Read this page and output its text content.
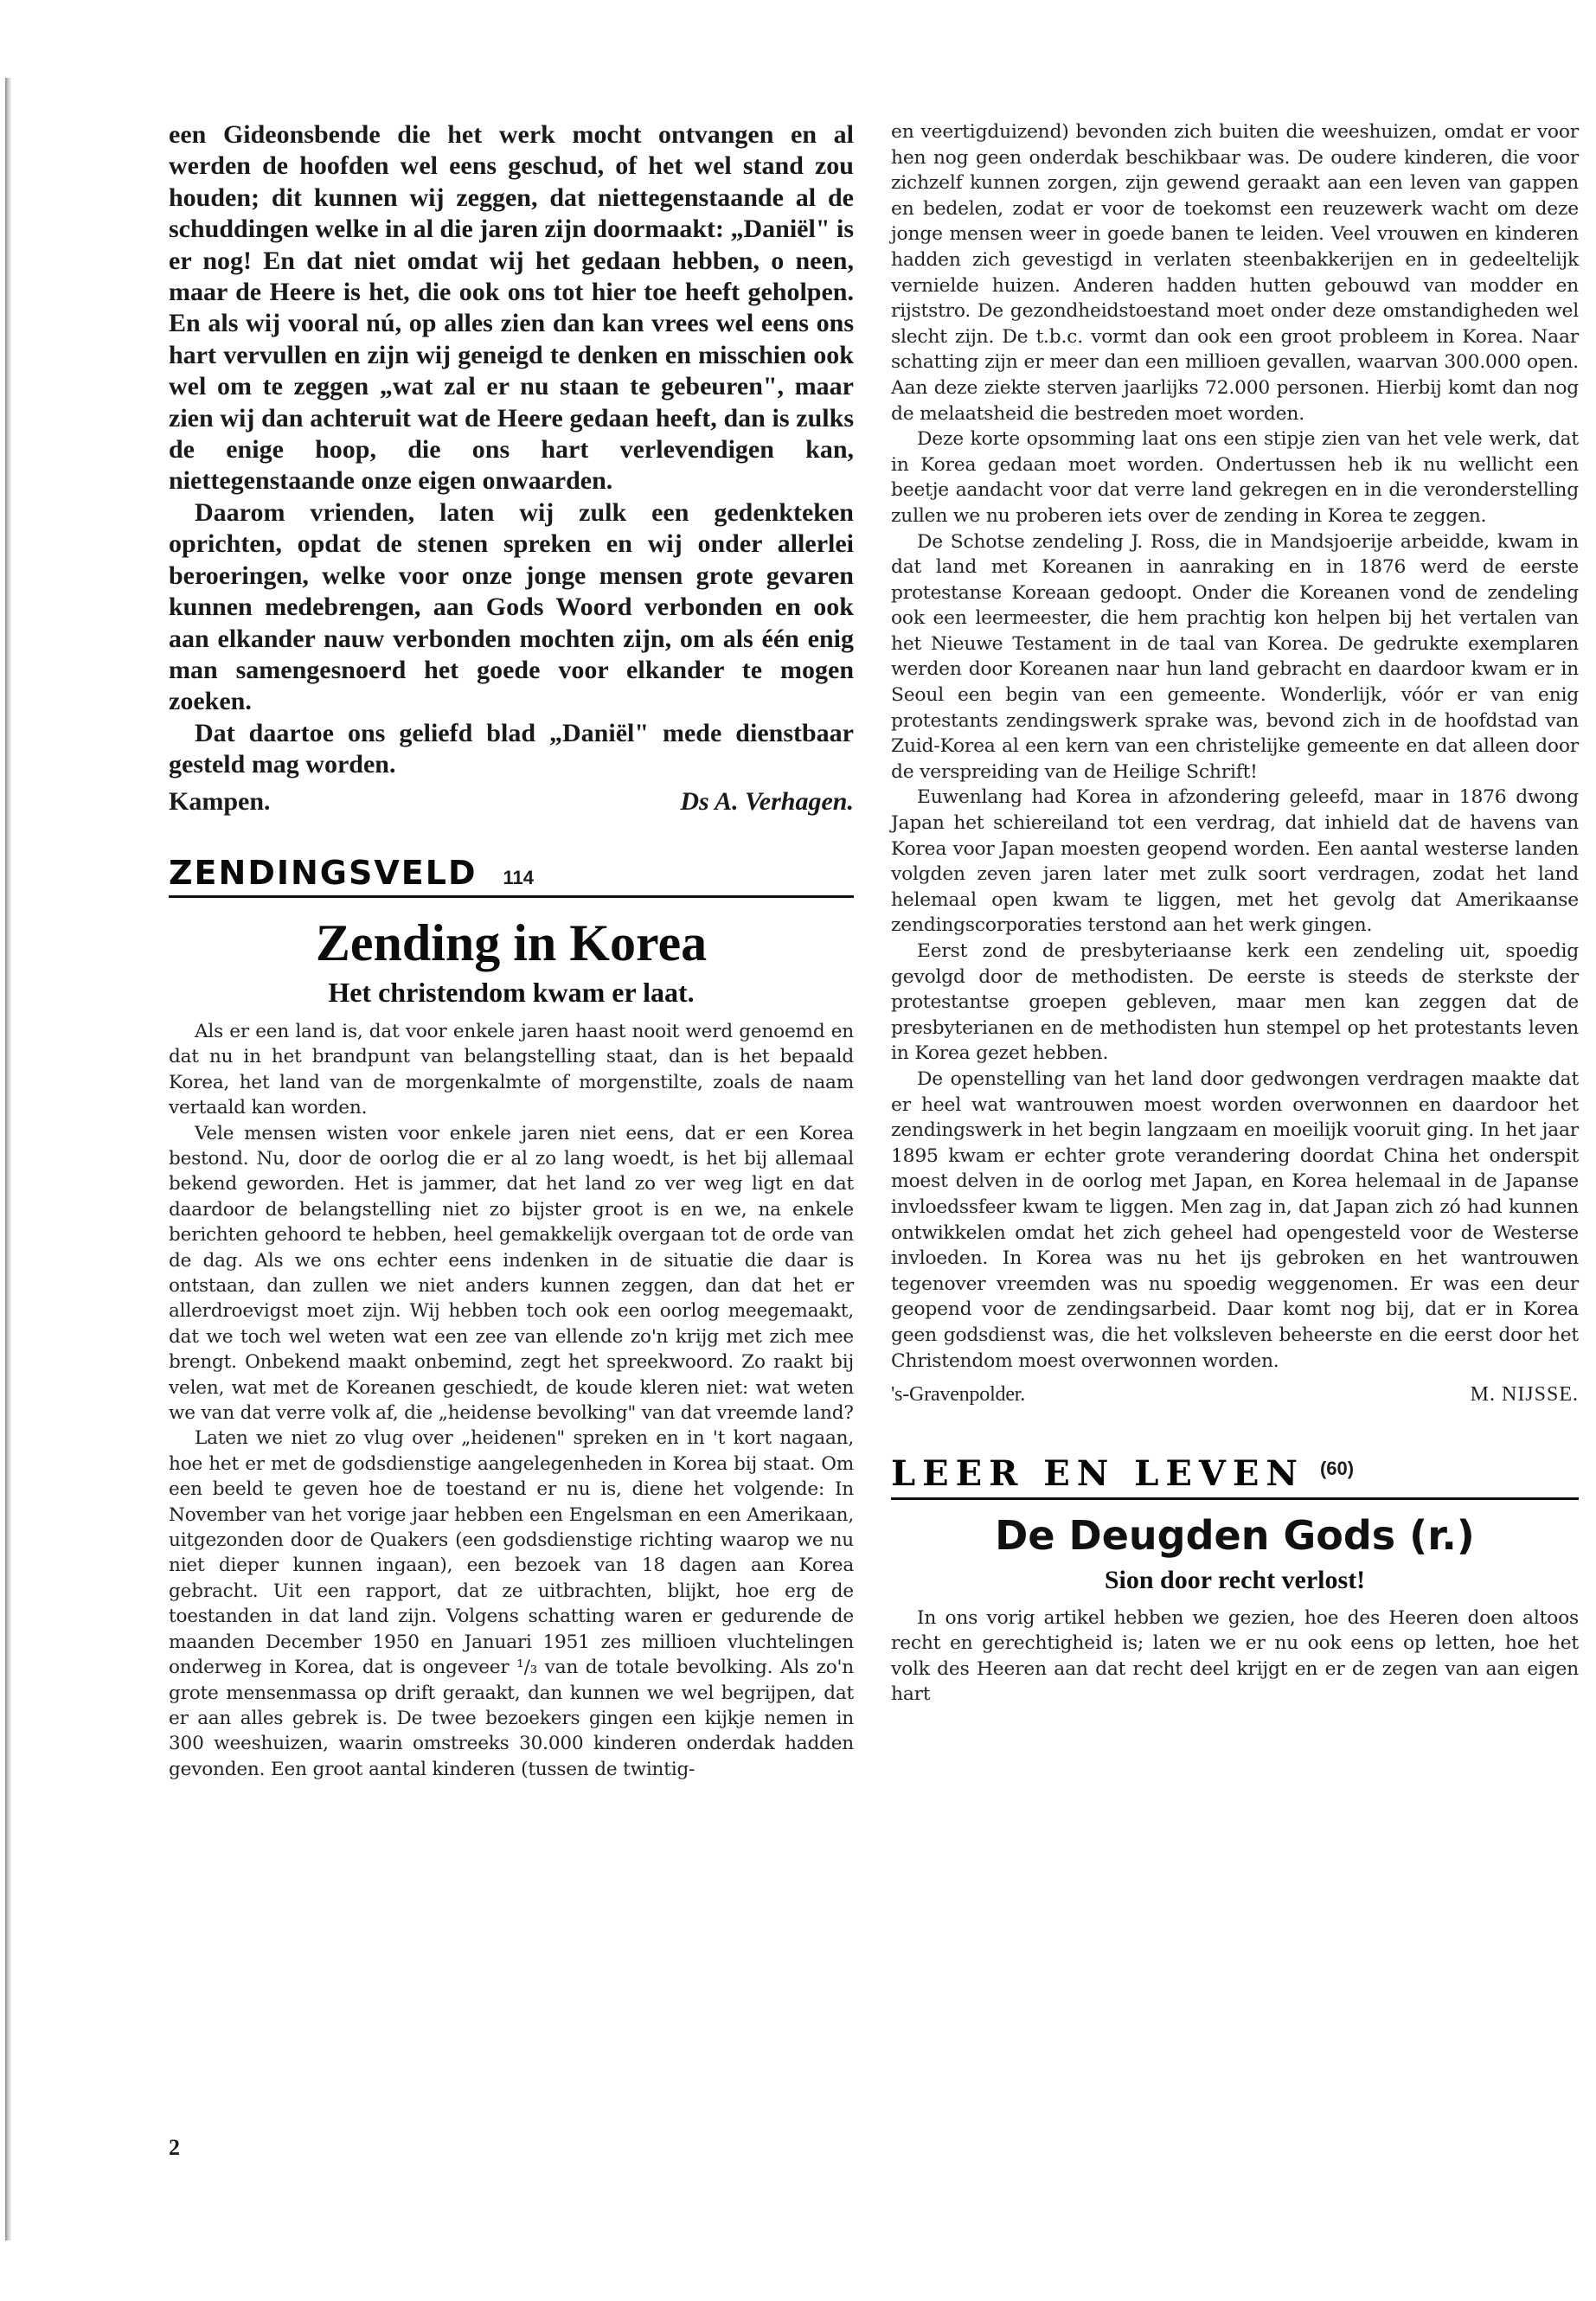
een Gideonsbende die het werk mocht ontvangen en al werden de hoofden wel eens geschud, of het wel stand zou houden; dit kunnen wij zeggen, dat niettegenstaande al de schuddingen welke in al die jaren zijn doormaakt: „Daniël" is er nog! En dat niet omdat wij het gedaan hebben, o neen, maar de Heere is het, die ook ons tot hier toe heeft geholpen. En als wij vooral nú, op alles zien dan kan vrees wel eens ons hart vervullen en zijn wij geneigd te denken en misschien ook wel om te zeggen „wat zal er nu staan te gebeuren", maar zien wij dan achteruit wat de Heere gedaan heeft, dan is zulks de enige hoop, die ons hart verlevendigen kan, niettegenstaande onze eigen onwaarden.

Daarom vrienden, laten wij zulk een gedenkteken oprichten, opdat de stenen spreken en wij onder allerlei beroeringen, welke voor onze jonge mensen grote gevaren kunnen medebrengen, aan Gods Woord verbonden en ook aan elkander nauw verbonden mochten zijn, om als één enig man samengesnoerd het goede voor elkander te mogen zoeken.

Dat daartoe ons geliefd blad „Daniël" mede dienstbaar gesteld mag worden.

Kampen.	Ds A. Verhagen.
ZENDINGSVELD 114
Zending in Korea
Het christendom kwam er laat.

Als er een land is, dat voor enkele jaren haast nooit werd genoemd en dat nu in het brandpunt van belangstelling staat, dan is het bepaald Korea, het land van de morgenkalmte of morgenstilte, zoals de naam vertaald kan worden.

Vele mensen wisten voor enkele jaren niet eens, dat er een Korea bestond. Nu, door de oorlog die er al zo lang woedt, is het bij allemaal bekend geworden. Het is jammer, dat het land zo ver weg ligt en dat daardoor de belangstelling niet zo bijster groot is en we, na enkele berichten gehoord te hebben, heel gemakkelijk overgaan tot de orde van de dag. Als we ons echter eens indenken in de situatie die daar is ontstaan, dan zullen we niet anders kunnen zeggen, dan dat het er allerdroevigst moet zijn. Wij hebben toch ook een oorlog meegemaakt, dat we toch wel weten wat een zee van ellende zo'n krijg met zich mee brengt. Onbekend maakt onbemind, zegt het spreekwoord. Zo raakt bij velen, wat met de Koreanen geschiedt, de koude kleren niet: wat weten we van dat verre volk af, die „heidense bevolking" van dat vreemde land?

Laten we niet zo vlug over „heidenen" spreken en in 't kort nagaan, hoe het er met de godsdienstige aangelegenheden in Korea bij staat. Om een beeld te geven hoe de toestand er nu is, diene het volgende: In November van het vorige jaar hebben een Engelsman en een Amerikaan, uitgezonden door de Quakers (een godsdienstige richting waarop we nu niet dieper kunnen ingaan), een bezoek van 18 dagen aan Korea gebracht. Uit een rapport, dat ze uitbrachten, blijkt, hoe erg de toestanden in dat land zijn. Volgens schatting waren er gedurende de maanden December 1950 en Januari 1951 zes millioen vluchtelingen onderweg in Korea, dat is ongeveer ¹/₃ van de totale bevolking. Als zo'n grote mensenmassa op drift geraakt, dan kunnen we wel begrijpen, dat er aan alles gebrek is. De twee bezoekers gingen een kijkje nemen in 300 weeshuizen, waarin omstreeks 30.000 kinderen onderdak hadden gevonden. Een groot aantal kinderen (tussen de twintig-

en veertigduizend) bevonden zich buiten die weeshuizen, omdat er voor hen nog geen onderdak beschikbaar was. De oudere kinderen, die voor zichzelf kunnen zorgen, zijn gewend geraakt aan een leven van gappen en bedelen, zodat er voor de toekomst een reuzewerk wacht om deze jonge mensen weer in goede banen te leiden. Veel vrouwen en kinderen hadden zich gevestigd in verlaten steenbakkerijen en in gedeeltelijk vernielde huizen. Anderen hadden hutten gebouwd van modder en rijststro. De gezondheidstoestand moet onder deze omstandigheden wel slecht zijn. De t.b.c. vormt dan ook een groot probleem in Korea. Naar schatting zijn er meer dan een millioen gevallen, waarvan 300.000 open. Aan deze ziekte sterven jaarlijks 72.000 personen. Hierbij komt dan nog de melaatsheid die bestreden moet worden.

Deze korte opsomming laat ons een stipje zien van het vele werk, dat in Korea gedaan moet worden. Ondertussen heb ik nu wellicht een beetje aandacht voor dat verre land gekregen en in die veronderstelling zullen we nu proberen iets over de zending in Korea te zeggen.

De Schotse zendeling J. Ross, die in Mandsjoerije arbeidde, kwam in dat land met Koreanen in aanraking en in 1876 werd de eerste protestanse Koreaan gedoopt. Onder die Koreanen vond de zendeling ook een leermeester, die hem prachtig kon helpen bij het vertalen van het Nieuwe Testament in de taal van Korea. De gedrukte exemplaren werden door Koreanen naar hun land gebracht en daardoor kwam er in Seoul een begin van een gemeente. Wonderlijk, vóór er van enig protestants zendingswerk sprake was, bevond zich in de hoofdstad van Zuid-Korea al een kern van een christelijke gemeente en dat alleen door de verspreiding van de Heilige Schrift!

Euwenlang had Korea in afzondering geleefd, maar in 1876 dwong Japan het schiereiland tot een verdrag, dat inhield dat de havens van Korea voor Japan moesten geopend worden. Een aantal westerse landen volgden zeven jaren later met zulk soort verdragen, zodat het land helemaal open kwam te liggen, met het gevolg dat Amerikaanse zendingscorporaties terstond aan het werk gingen.

Eerst zond de presbyteriaanse kerk een zendeling uit, spoedig gevolgd door de methodisten. De eerste is steeds de sterkste der protestantse groepen gebleven, maar men kan zeggen dat de presbyterianen en de methodisten hun stempel op het protestants leven in Korea gezet hebben.

De openstelling van het land door gedwongen verdragen maakte dat er heel wat wantrouwen moest worden overwonnen en daardoor het zendingswerk in het begin langzaam en moeilijk vooruit ging. In het jaar 1895 kwam er echter grote verandering doordat China het onderspit moest delven in de oorlog met Japan, en Korea helemaal in de Japanse invloedssfeer kwam te liggen. Men zag in, dat Japan zich zó had kunnen ontwikkelen omdat het zich geheel had opengesteld voor de Westerse invloeden. In Korea was nu het ijs gebroken en het wantrouwen tegenover vreemden was nu spoedig weggenomen. Er was een deur geopend voor de zendingsarbeid. Daar komt nog bij, dat er in Korea geen godsdienst was, die het volksleven beheerste en die eerst door het Christendom moest overwonnen worden.

's-Gravenpolder.	M. NIJSSE.
LEER EN LEVEN (60)
De Deugden Gods (r.)
Sion door recht verlost!

In ons vorig artikel hebben we gezien, hoe des Heeren doen altoos recht en gerechtigheid is; laten we er nu ook eens op letten, hoe het volk des Heeren aan dat recht deel krijgt en er de zegen van aan eigen hart

2
